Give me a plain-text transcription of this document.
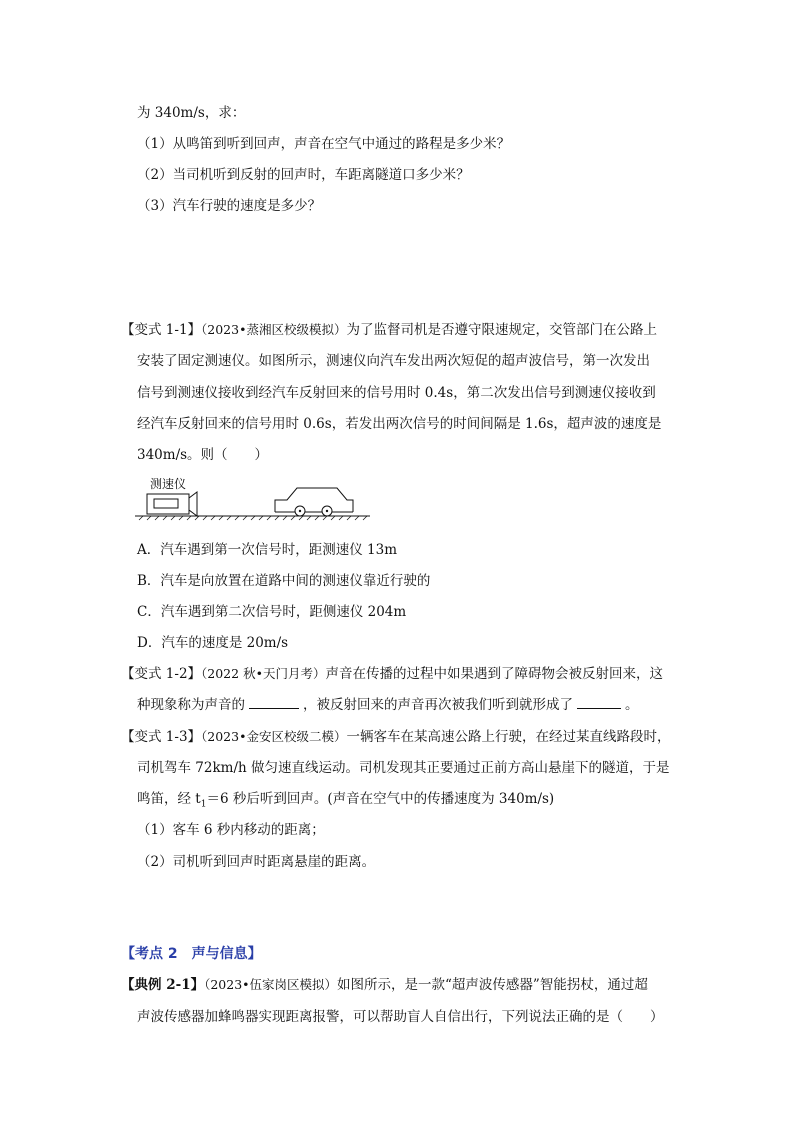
为 340m/s，求：
（1）从鸣笛到听到回声，声音在空气中通过的路程是多少米？
（2）当司机听到反射的回声时，车距离隧道口多少米？
（3）汽车行驶的速度是多少？
【变式 1-1】（2023•蒸湘区校级模拟）为了监督司机是否遵守限速规定，交管部门在公路上
安装了固定测速仪。如图所示，测速仪向汽车发出两次短促的超声波信号，第一次发出
信号到测速仪接收到经汽车反射回来的信号用时 0.4s，第二次发出信号到测速仪接收到
经汽车反射回来的信号用时 0.6s，若发出两次信号的时间间隔是 1.6s，超声波的速度是
340m/s。则（　　）
测速仪
A．汽车遇到第一次信号时，距测速仪 13m
B．汽车是向放置在道路中间的测速仪靠近行驶的
C．汽车遇到第二次信号时，距侧速仪 204m
D．汽车的速度是 20m/s
【变式 1-2】（2022 秋•天门月考）声音在传播的过程中如果遇到了障碍物会被反射回来，这
种现象称为声音的	，被反射回来的声音再次被我们听到就形成了	。
【变式 1-3】（2023•金安区校级二模）一辆客车在某高速公路上行驶，在经过某直线路段时，
司机驾车 72km/h 做匀速直线运动。司机发现其正要通过正前方高山悬崖下的隧道，于是
鸣笛，经 $t_1=6$ 秒后听到回声。(声音在空气中的传播速度为 340m/s)
（1）客车 6 秒内移动的距离；
（2）司机听到回声时距离悬崖的距离。
【考点 2　声与信息】
【典例 2-1】（2023•伍家岗区模拟）如图所示，是一款“超声波传感器”智能拐杖，通过超
声波传感器加蜂鸣器实现距离报警，可以帮助盲人自信出行，下列说法正确的是（　　）
